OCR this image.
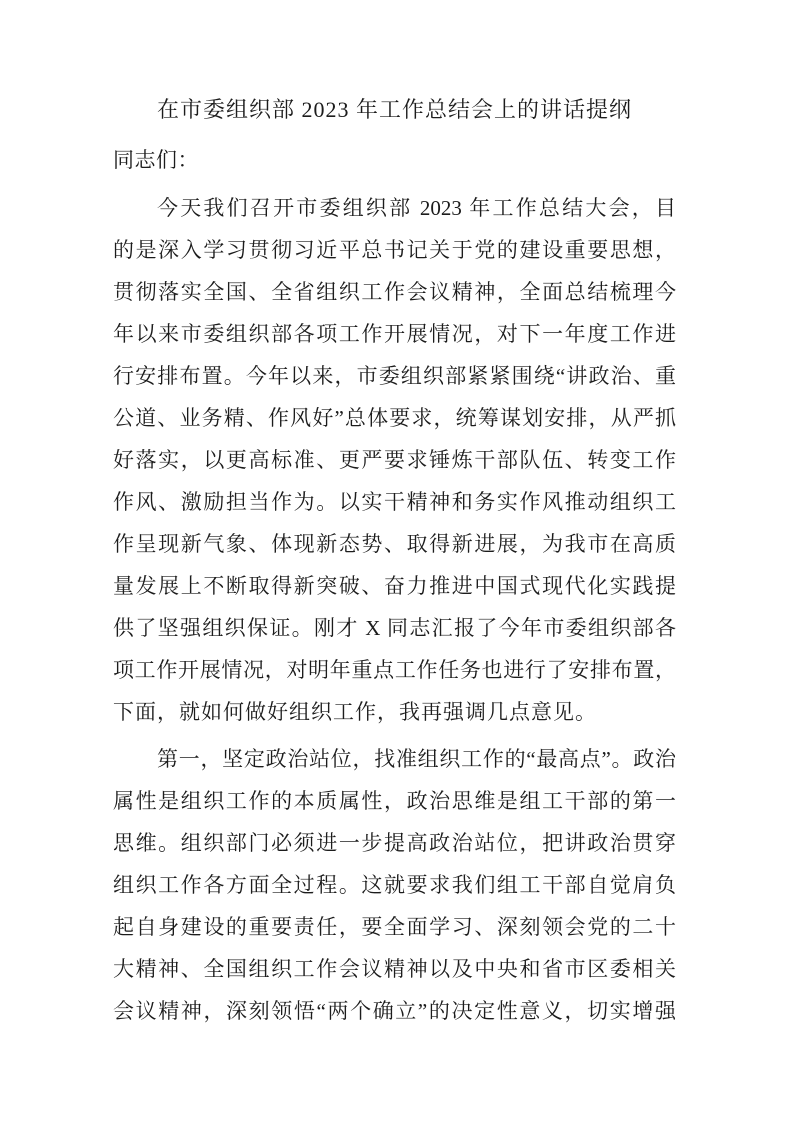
在市委组织部 2023 年工作总结会上的讲话提纲
同志们：
今天我们召开市委组织部 2023 年工作总结大会，目
的是深入学习贯彻习近平总书记关于党的建设重要思想，
贯彻落实全国、全省组织工作会议精神，全面总结梳理今
年以来市委组织部各项工作开展情况，对下一年度工作进
行安排布置。今年以来，市委组织部紧紧围绕“讲政治、重
公道、业务精、作风好”总体要求，统筹谋划安排，从严抓
好落实，以更高标准、更严要求锤炼干部队伍、转变工作
作风、激励担当作为。以实干精神和务实作风推动组织工
作呈现新气象、体现新态势、取得新进展，为我市在高质
量发展上不断取得新突破、奋力推进中国式现代化实践提
供了坚强组织保证。刚才 X 同志汇报了今年市委组织部各
项工作开展情况，对明年重点工作任务也进行了安排布置，
下面，就如何做好组织工作，我再强调几点意见。
第一，坚定政治站位，找准组织工作的“最高点”。政治
属性是组织工作的本质属性，政治思维是组工干部的第一
思维。组织部门必须进一步提高政治站位，把讲政治贯穿
组织工作各方面全过程。这就要求我们组工干部自觉肩负
起自身建设的重要责任，要全面学习、深刻领会党的二十
大精神、全国组织工作会议精神以及中央和省市区委相关
会议精神，深刻领悟“两个确立”的决定性意义，切实增强
